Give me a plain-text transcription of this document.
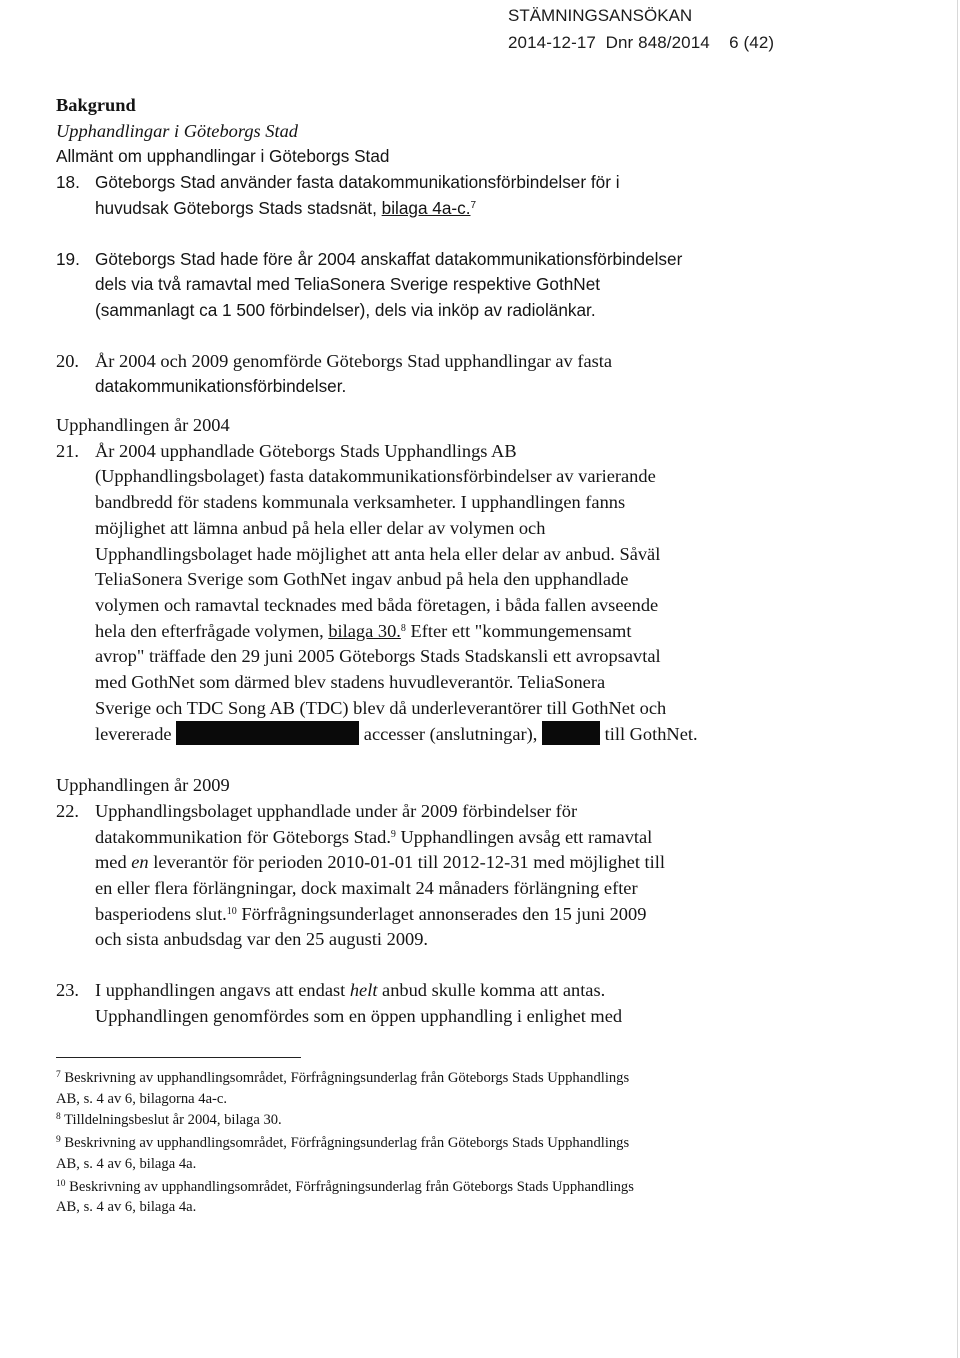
STÄMNINGSANSÖKAN
2014-12-17 Dnr 848/2014 6 (42)
Bakgrund
Upphandlingar i Göteborgs Stad
Allmänt om upphandlingar i Göteborgs Stad
18. Göteborgs Stad använder fasta datakommunikationsförbindelser för i
huvudsak Göteborgs Stads stadsnät, bilaga 4a-c.$^7$
19. Göteborgs Stad hade före år 2004 anskaffat datakommunikationsförbindelser
dels via två ramavtal med TeliaSonera Sverige respektive GothNet
(sammanlagt ca 1 500 förbindelser), dels via inköp av radiolänkar.
20. År 2004 och 2009 genomförde Göteborgs Stad upphandlingar av fasta
datakommunikationsförbindelser.
Upphandlingen år 2004
21. År 2004 upphandlade Göteborgs Stads Upphandlings AB
(Upphandlingsbolaget) fasta datakommunikationsförbindelser av varierande
bandbredd för stadens kommunala verksamheter. I upphandlingen fanns
möjlighet att lämna anbud på hela eller delar av volymen och
Upphandlingsbolaget hade möjlighet att anta hela eller delar av anbud. Såväl
TeliaSonera Sverige som GothNet ingav anbud på hela den upphandlade
volymen och ramavtal tecknades med båda företagen, i båda fallen avseende
hela den efterfrågade volymen, bilaga 30.$^8$ Efter ett "kommungemensamt
avrop" träffade den 29 juni 2005 Göteborgs Stads Stadskansli ett avropsavtal
med GothNet som därmed blev stadens huvudleverantör. TeliaSonera
Sverige och TDC Song AB (TDC) blev då underleverantörer till GothNet och
levererade	accesser (anslutningar),	till GothNet.
Upphandlingen år 2009
22. Upphandlingsbolaget upphandlade under år 2009 förbindelser för
datakommunikation för Göteborgs Stad.$^9$ Upphandlingen avsåg ett ramavtal
med en leverantör för perioden 2010-01-01 till 2012-12-31 med möjlighet till
en eller flera förlängningar, dock maximalt 24 månaders förlängning efter
basperiodens slut.$^{10}$ Förfrågningsunderlaget annonserades den 15 juni 2009
och sista anbudsdag var den 25 augusti 2009.
23. I upphandlingen angavs att endast helt anbud skulle komma att antas.
Upphandlingen genomfördes som en öppen upphandling i enlighet med
$^7$ Beskrivning av upphandlingsområdet, Förfrågningsunderlag från Göteborgs Stads Upphandlings
AB, s. 4 av 6, bilagorna 4a-c.
$^8$ Tilldelningsbeslut år 2004, bilaga 30.
$^9$ Beskrivning av upphandlingsområdet, Förfrågningsunderlag från Göteborgs Stads Upphandlings
AB, s. 4 av 6, bilaga 4a.
$^{10}$ Beskrivning av upphandlingsområdet, Förfrågningsunderlag från Göteborgs Stads Upphandlings
AB, s. 4 av 6, bilaga 4a.
